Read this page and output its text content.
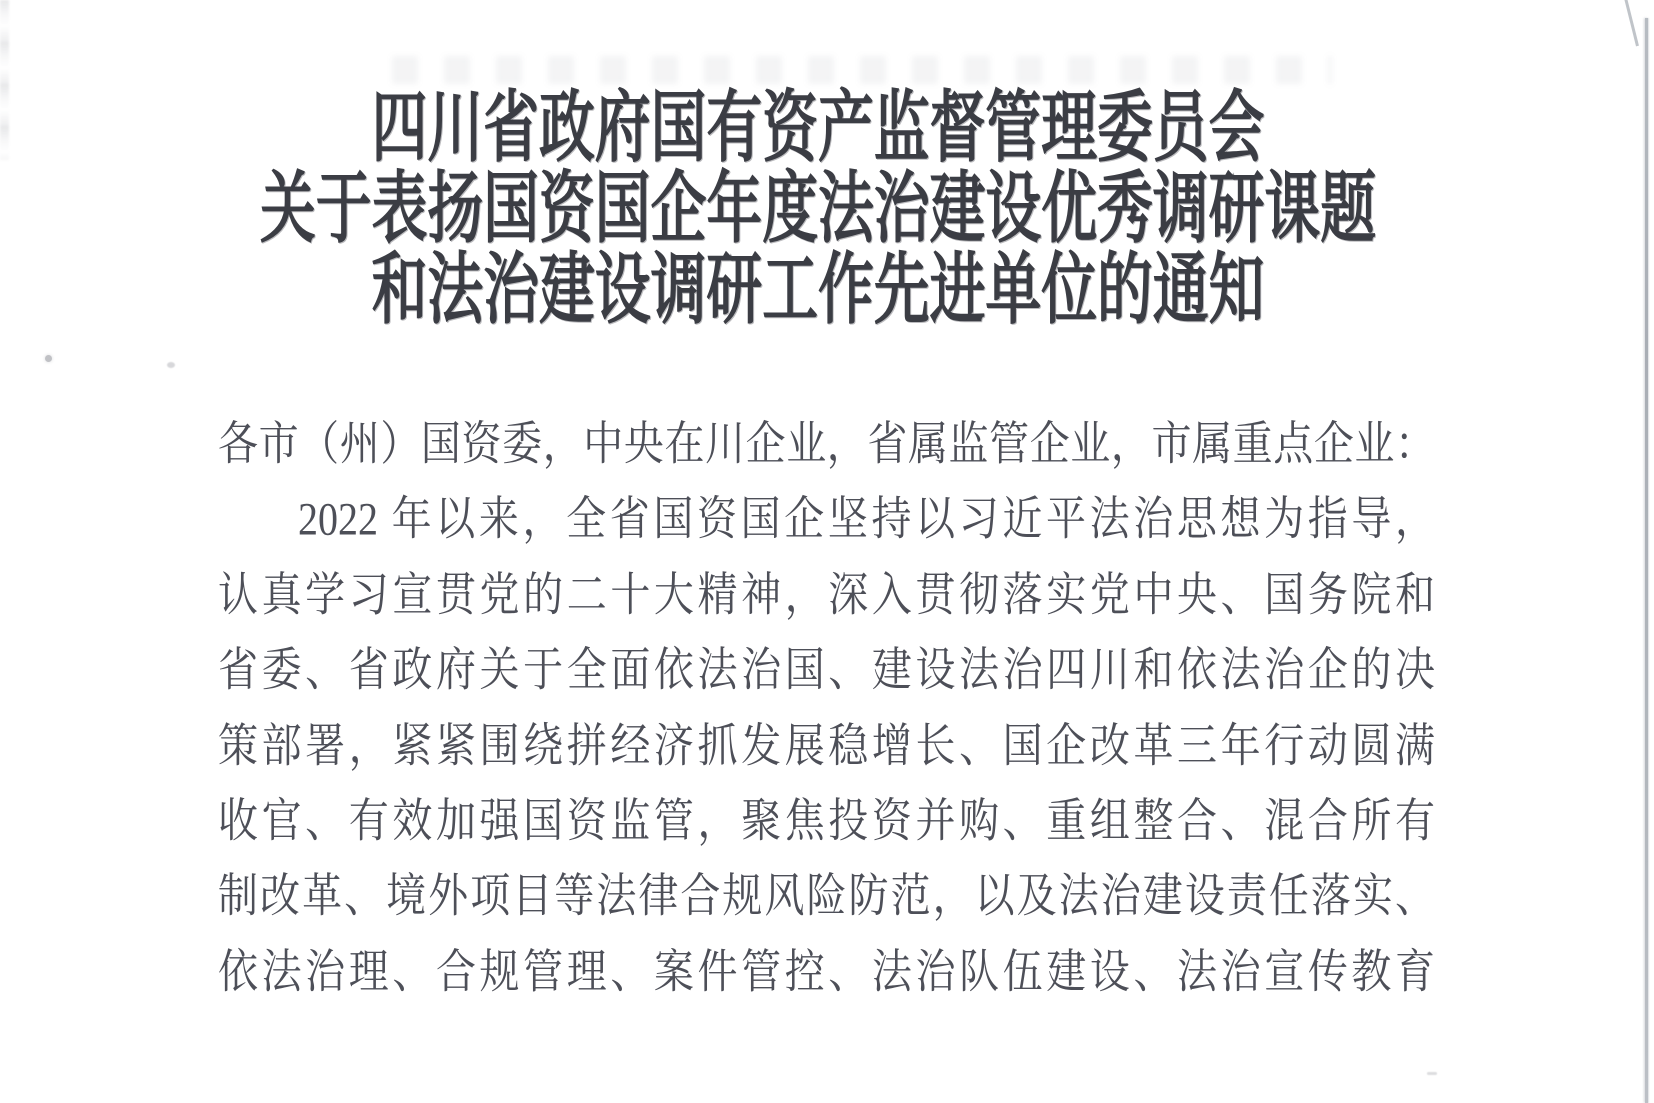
四川省政府国有资产监督管理委员会
关于表扬国资国企年度法治建设优秀调研课题
和法治建设调研工作先进单位的通知
各市（州）国资委，中央在川企业，省属监管企业，市属重点企业：
2022 年以来，全省国资国企坚持以习近平法治思想为指导，
认真学习宣贯党的二十大精神，深入贯彻落实党中央、国务院和
省委、省政府关于全面依法治国、建设法治四川和依法治企的决
策部署，紧紧围绕拼经济抓发展稳增长、国企改革三年行动圆满
收官、有效加强国资监管，聚焦投资并购、重组整合、混合所有
制改革、境外项目等法律合规风险防范，以及法治建设责任落实、
依法治理、合规管理、案件管控、法治队伍建设、法治宣传教育
